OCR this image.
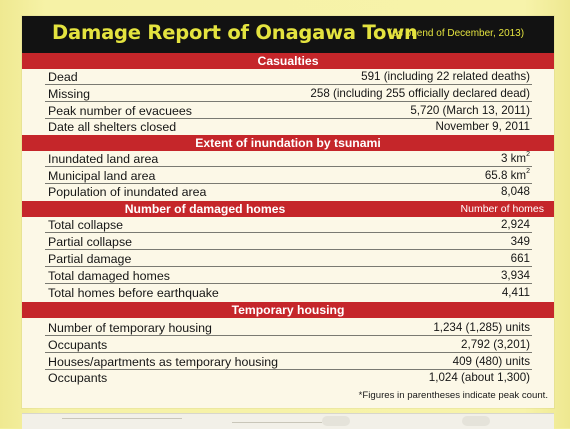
Damage Report of Onagawa Town
(as of end of December, 2013)
Casualties
Dead	591 (including 22 related deaths)
Missing	258 (including 255 officially declared dead)
Peak number of evacuees	5,720 (March 13, 2011)
Date all shelters closed	November 9, 2011
Extent of inundation by tsunami
Inundated land area	3 $km^2$
Municipal land area	65.8 $km^2$
Population of inundated area	8,048
Number of damaged homes	Number of homes
Total collapse	2,924
Partial collapse	349
Partial damage	661
Total damaged homes	3,934
Total homes before earthquake	4,411
Temporary housing
Number of temporary housing	1,234 (1,285) units
Occupants	2,792 (3,201)
Houses/apartments as temporary housing	409 (480) units
Occupants	1,024 (about 1,300)
*Figures in parentheses indicate peak count.
